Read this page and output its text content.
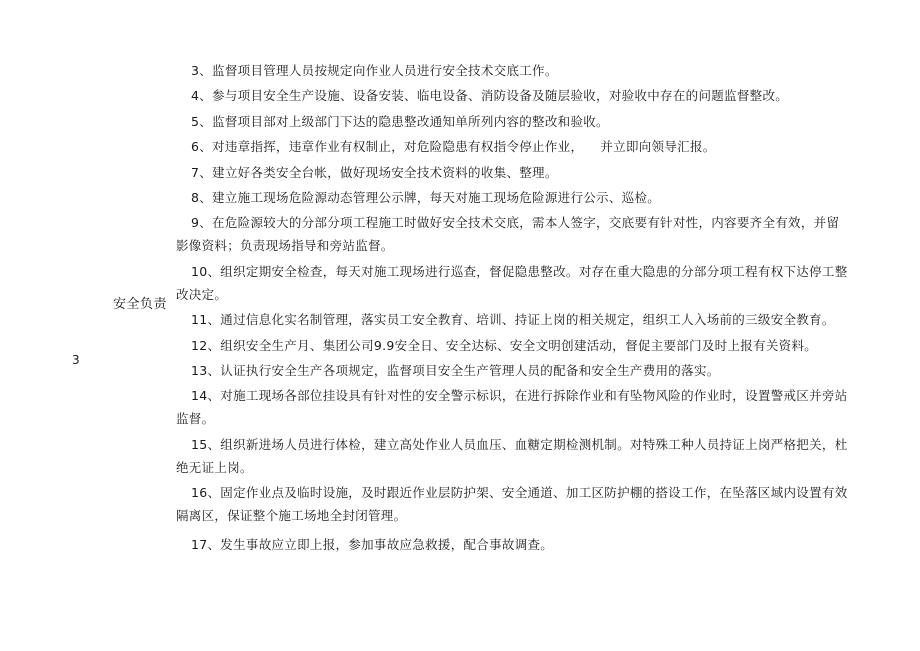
3
安全负责

3、监督项目管理人员按规定向作业人员进行安全技术交底工作。

4、参与项目安全生产设施、设备安装、临电设备、消防设备及随层验收，对验收中存在的问题监督整改。

5、监督项目部对上级部门下达的隐患整改通知单所列内容的整改和验收。

6、对违章指挥，违章作业有权制止，对危险隐患有权指令停止作业，    并立即向领导汇报。

7、建立好各类安全台帐，做好现场安全技术资料的收集、整理。

8、建立施工现场危险源动态管理公示牌，每天对施工现场危险源进行公示、巡检。

9、在危险源较大的分部分项工程施工时做好安全技术交底，需本人签字，交底要有针对性，内容要齐全有效，并留影像资料；负责现场指导和旁站监督。

10、组织定期安全检查，每天对施工现场进行巡查，督促隐患整改。对存在重大隐患的分部分项工程有权下达停工整改决定。

11、通过信息化实名制管理，落实员工安全教育、培训、持证上岗的相关规定，组织工人入场前的三级安全教育。

12、组织安全生产月、集团公司9.9安全日、安全达标、安全文明创建活动，督促主要部门及时上报有关资料。

13、认证执行安全生产各项规定，监督项目安全生产管理人员的配备和安全生产费用的落实。

14、对施工现场各部位挂设具有针对性的安全警示标识，在进行拆除作业和有坠物风险的作业时，设置警戒区并旁站监督。

15、组织新进场人员进行体检，建立高处作业人员血压、血糖定期检测机制。对特殊工种人员持证上岗严格把关，杜绝无证上岗。

16、固定作业点及临时设施，及时跟近作业层防护架、安全通道、加工区防护棚的搭设工作，在坠落区域内设置有效隔离区，保证整个施工场地全封闭管理。

17、发生事故应立即上报，参加事故应急救援，配合事故调查。
